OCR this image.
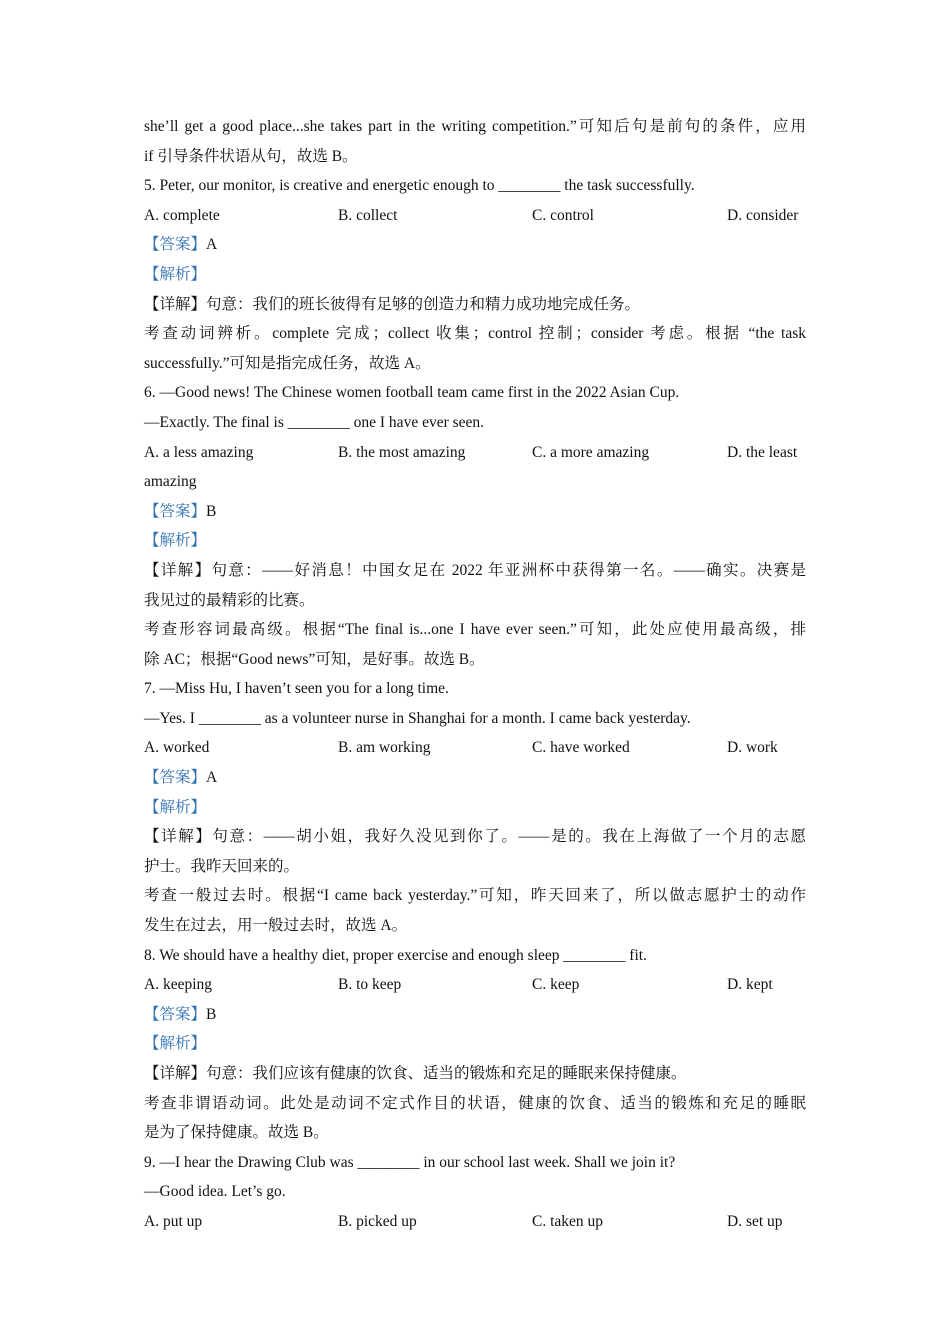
she’ll get a good place...she takes part in the writing competition.”可知后句是前句的条件，应用
if 引导条件状语从句，故选 B。
5. Peter, our monitor, is creative and energetic enough to ________ the task successfully.
A. complete	B. collect	C. control	D. consider
【答案】A
【解析】
【详解】句意：我们的班长彼得有足够的创造力和精力成功地完成任务。
考查动词辨析。complete 完成；collect 收集；control 控制；consider 考虑。根据 “the task
successfully.”可知是指完成任务，故选 A。
6. —Good news! The Chinese women football team came first in the 2022 Asian Cup.
—Exactly. The final is ________ one I have ever seen.
A. a less amazing	B. the most amazing	C. a more amazing	D. the least
amazing
【答案】B
【解析】
【详解】句意：——好消息！中国女足在 2022 年亚洲杯中获得第一名。——确实。决赛是
我见过的最精彩的比赛。
考查形容词最高级。根据“The final is...one I have ever seen.”可知，此处应使用最高级，排
除 AC；根据“Good news”可知，是好事。故选 B。
7. —Miss Hu, I haven’t seen you for a long time.
—Yes. I ________ as a volunteer nurse in Shanghai for a month. I came back yesterday.
A. worked	B. am working	C. have worked	D. work
【答案】A
【解析】
【详解】句意：——胡小姐，我好久没见到你了。——是的。我在上海做了一个月的志愿
护士。我昨天回来的。
考查一般过去时。根据“I came back yesterday.”可知，昨天回来了，所以做志愿护士的动作
发生在过去，用一般过去时，故选 A。
8. We should have a healthy diet, proper exercise and enough sleep ________ fit.
A. keeping	B. to keep	C. keep	D. kept
【答案】B
【解析】
【详解】句意：我们应该有健康的饮食、适当的锻炼和充足的睡眠来保持健康。
考查非谓语动词。此处是动词不定式作目的状语，健康的饮食、适当的锻炼和充足的睡眠
是为了保持健康。故选 B。
9. —I hear the Drawing Club was ________ in our school last week. Shall we join it?
—Good idea. Let’s go.
A. put up	B. picked up	C. taken up	D. set up
